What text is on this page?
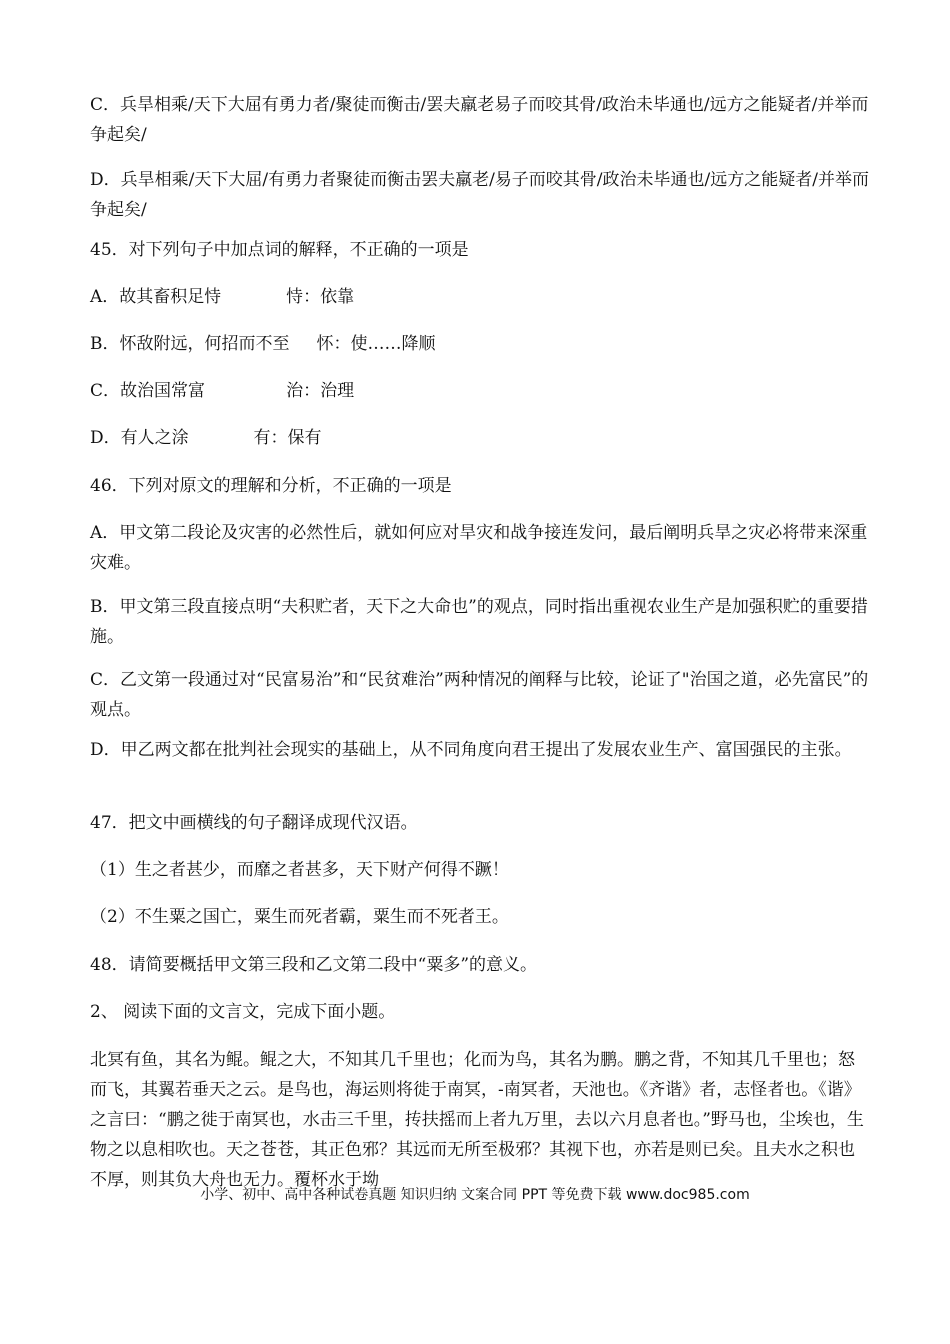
C．兵旱相乘/天下大屈有勇力者/聚徒而衡击/罢夫羸老易子而咬其骨/政治未毕通也/远方之能疑者/并举而争起矣/

D．兵旱相乘/天下大屈/有勇力者聚徒而衡击罢夫羸老/易子而咬其骨/政治未毕通也/远方之能疑者/并举而争起矣/

45．对下列句子中加点词的解释，不正确的一项是

A．故其畜积足恃            恃：依靠

B．怀敌附远，何招而不至     怀：使……降顺

C．故治国常富               治：治理

D．有人之涂            有：保有

46．下列对原文的理解和分析，不正确的一项是

A．甲文第二段论及灾害的必然性后，就如何应对旱灾和战争接连发问，最后阐明兵旱之灾必将带来深重灾难。

B．甲文第三段直接点明“夫积贮者，天下之大命也”的观点，同时指出重视农业生产是加强积贮的重要措施。

C．乙文第一段通过对“民富易治”和“民贫难治”两种情况的阐释与比较，论证了"治国之道，必先富民”的观点。

D．甲乙两文都在批判社会现实的基础上，从不同角度向君王提出了发展农业生产、富国强民的主张。

47．把文中画横线的句子翻译成现代汉语。

（1）生之者甚少，而靡之者甚多，天下财产何得不蹶！

（2）不生粟之国亡，粟生而死者霸，粟生而不死者王。

48．请简要概括甲文第三段和乙文第二段中“粟多”的意义。

2、 阅读下面的文言文，完成下面小题。

北冥有鱼，其名为鲲。鲲之大，不知其几千里也；化而为鸟，其名为鹏。鹏之背，不知其几千里也；怒而飞，其翼若垂天之云。是鸟也，海运则将徙于南冥，-南冥者，天池也。《齐谐》者，志怪者也。《谐》之言曰：“鹏之徙于南冥也，水击三千里，抟扶摇而上者九万里，去以六月息者也。”野马也，尘埃也，生物之以息相吹也。天之苍苍，其正色邪？其远而无所至极邪？其视下也，亦若是则已矣。且夫水之积也不厚，则其负大舟也无力。覆杯水于坳

小学、初中、高中各种试卷真题 知识归纳 文案合同 PPT 等免费下载 www.doc985.com
